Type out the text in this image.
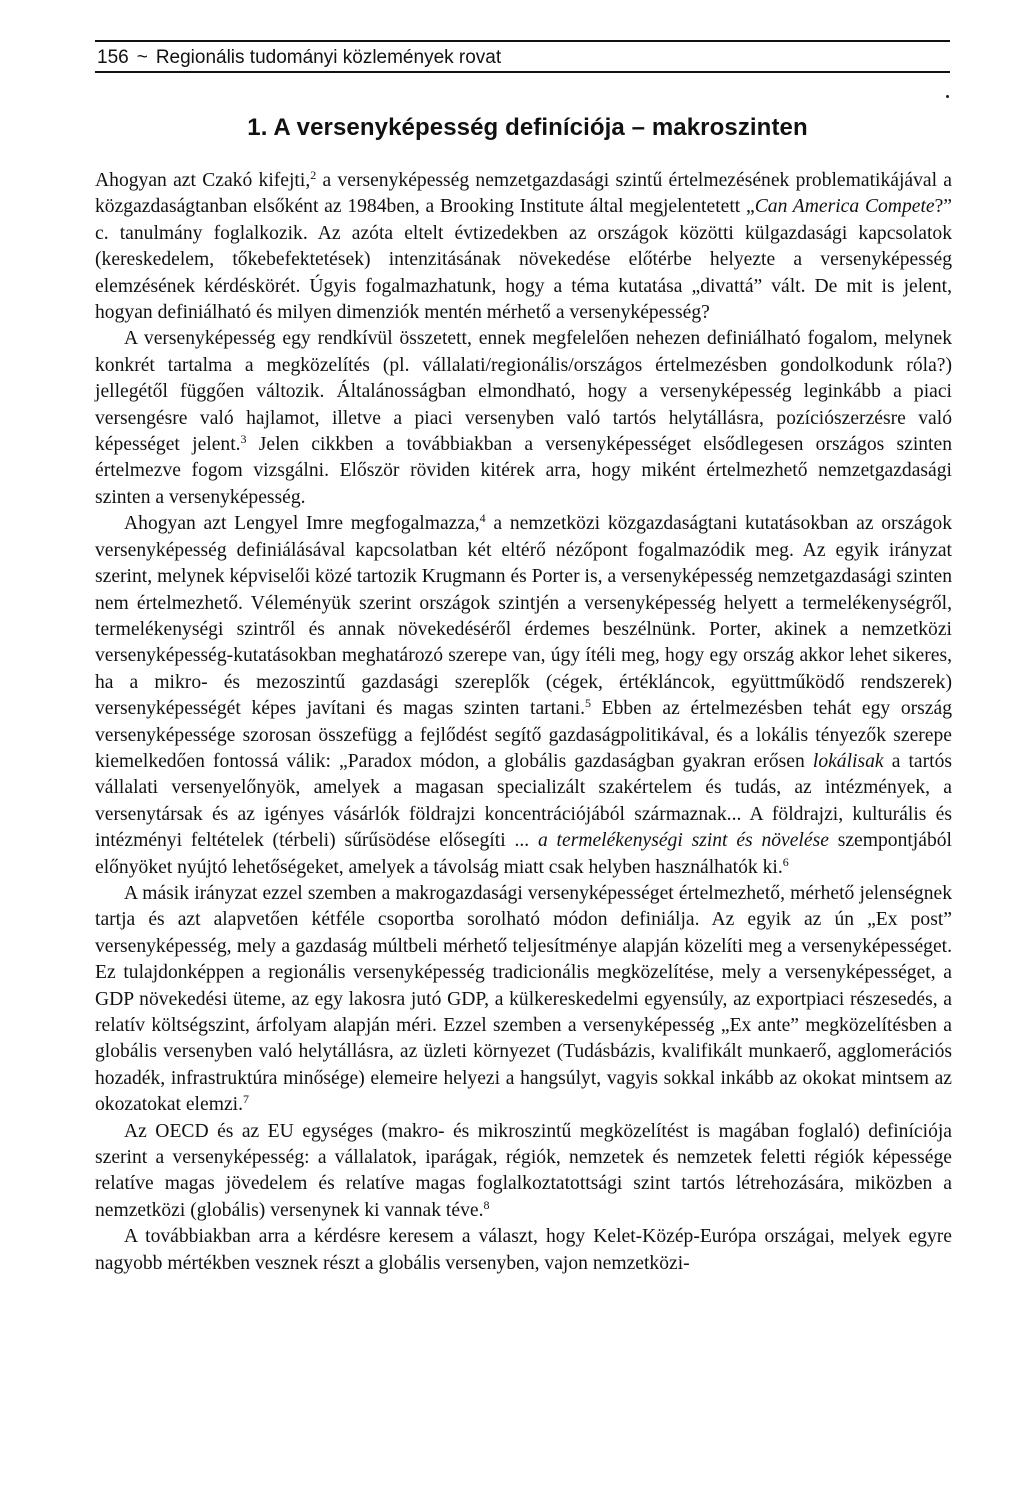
156 ~ Regionális tudományi közlemények rovat
1. A versenyképesség definíciója – makroszinten

Ahogyan azt Czakó kifejti,$^2$ a versenyképesség nemzetgazdasági szintű értelmezésének problematikájával a közgazdaságtanban elsőként az 1984ben, a Brooking Institute által megjelentetett „Can America Compete?” c. tanulmány foglalkozik. Az azóta eltelt évtizedekben az országok közötti külgazdasági kapcsolatok (kereskedelem, tőkebefektetések) intenzitásának növekedése előtérbe helyezte a versenyképesség elemzésének kérdéskörét. Úgyis fogalmazhatunk, hogy a téma kutatása „divattá” vált. De mit is jelent, hogyan definiálható és milyen dimenziók mentén mérhető a versenyképesség?

A versenyképesség egy rendkívül összetett, ennek megfelelően nehezen definiálható fogalom, melynek konkrét tartalma a megközelítés (pl. vállalati/regionális/országos értelmezésben gondolkodunk róla?) jellegétől függően változik. Általánosságban elmondható, hogy a versenyképesség leginkább a piaci versengésre való hajlamot, illetve a piaci versenyben való tartós helytállásra, pozíciószerzésre való képességet jelent.$^3$ Jelen cikkben a továbbiakban a versenyképességet elsődlegesen országos szinten értelmezve fogom vizsgálni. Először röviden kitérek arra, hogy miként értelmezhető nemzetgazdasági szinten a versenyképesség.

Ahogyan azt Lengyel Imre megfogalmazza,$^4$ a nemzetközi közgazdaságtani kutatásokban az országok versenyképesség definiálásával kapcsolatban két eltérő nézőpont fogalmazódik meg. Az egyik irányzat szerint, melynek képviselői közé tartozik Krugmann és Porter is, a versenyképesség nemzetgazdasági szinten nem értelmezhető. Véleményük szerint országok szintjén a versenyképesség helyett a termelékenységről, termelékenységi szintről és annak növekedéséről érdemes beszélnünk. Porter, akinek a nemzetközi versenyképesség-kutatásokban meghatározó szerepe van, úgy ítéli meg, hogy egy ország akkor lehet sikeres, ha a mikro- és mezoszintű gazdasági szereplők (cégek, értékláncok, együttműködő rendszerek) versenyképességét képes javítani és magas szinten tartani.$^5$ Ebben az értelmezésben tehát egy ország versenyképessége szorosan összefügg a fejlődést segítő gazdaságpolitikával, és a lokális tényezők szerepe kiemelkedően fontossá válik: „Paradox módon, a globális gazdaságban gyakran erősen lokálisak a tartós vállalati versenyelőnyök, amelyek a magasan specializált szakértelem és tudás, az intézmények, a versenytársak és az igényes vásárlók földrajzi koncentrációjából származnak... A földrajzi, kulturális és intézményi feltételek (térbeli) sűrűsödése elősegíti ... a termelékenységi szint és növelése szempontjából előnyöket nyújtó lehetőségeket, amelyek a távolság miatt csak helyben használhatók ki.$^6$

A másik irányzat ezzel szemben a makrogazdasági versenyképességet értelmezhető, mérhető jelenségnek tartja és azt alapvetően kétféle csoportba sorolható módon definiálja. Az egyik az ún „Ex post” versenyképesség, mely a gazdaság múltbeli mérhető teljesítménye alapján közelíti meg a versenyképességet. Ez tulajdonképpen a regionális versenyképesség tradicionális megközelítése, mely a versenyképességet, a GDP növekedési üteme, az egy lakosra jutó GDP, a külkereskedelmi egyensúly, az exportpiaci részesedés, a relatív költségszint, árfolyam alapján méri. Ezzel szemben a versenyképesség „Ex ante” megközelítésben a globális versenyben való helytállásra, az üzleti környezet (Tudásbázis, kvalifikált munkaerő, agglomerációs hozadék, infrastruktúra minősége) elemeire helyezi a hangsúlyt, vagyis sokkal inkább az okokat mintsem az okozatokat elemzi.$^7$

Az OECD és az EU egységes (makro- és mikroszintű megközelítést is magában foglaló) definíciója szerint a versenyképesség: a vállalatok, iparágak, régiók, nemzetek és nemzetek feletti régiók képessége relatíve magas jövedelem és relatíve magas foglalkoztatottsági szint tartós létrehozására, miközben a nemzetközi (globális) versenynek ki vannak téve.$^8$

A továbbiakban arra a kérdésre keresem a választ, hogy Kelet-Közép-Európa országai, melyek egyre nagyobb mértékben vesznek részt a globális versenyben, vajon nemzetközi-
